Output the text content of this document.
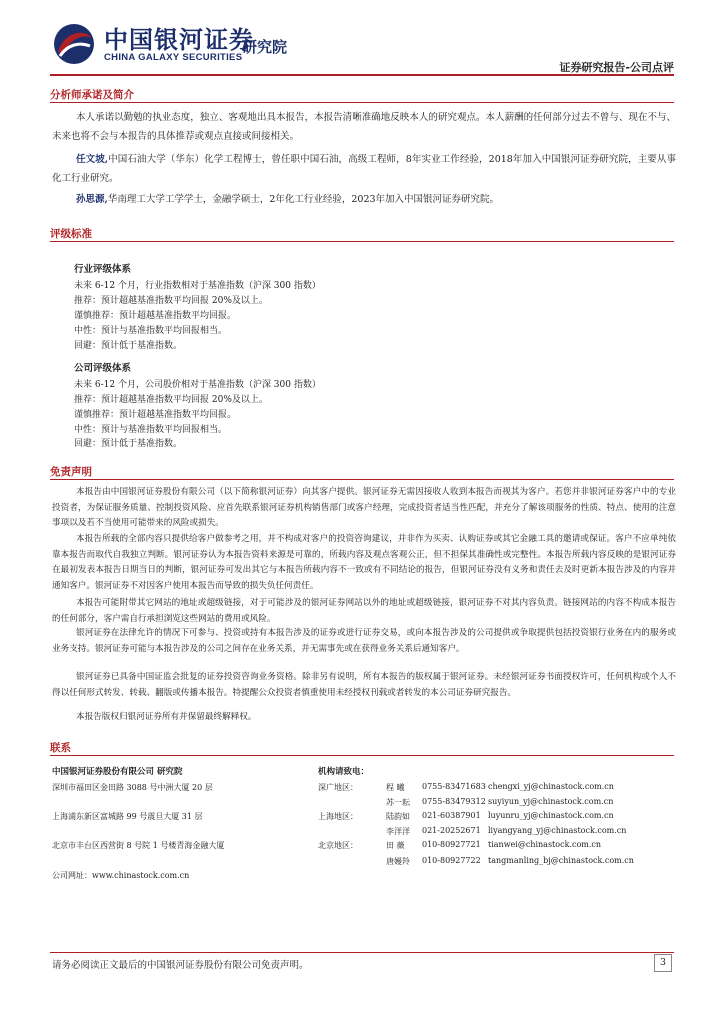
中国银河证券
CHINA GALAXY SECURITIES
研究院
证券研究报告-公司点评
分析师承诺及简介
本人承诺以勤勉的执业态度，独立、客观地出具本报告，本报告清晰准确地反映本人的研究观点。本人薪酬的任何部分过去不曾与、现在不与、未来也将不会与本报告的具体推荐或观点直接或间接相关。
任文坡,中国石油大学（华东）化学工程博士，曾任职中国石油，高级工程师，8年实业工作经验，2018年加入中国银河证券研究院，主要从事化工行业研究。
孙思源,华南理工大学工学学士，金融学硕士，2年化工行业经验，2023年加入中国银河证券研究院。
评级标准
行业评级体系
未来 6-12 个月，行业指数相对于基准指数（沪深 300 指数）
推荐：预计超越基准指数平均回报 20%及以上。
谨慎推荐：预计超越基准指数平均回报。
中性：预计与基准指数平均回报相当。
回避：预计低于基准指数。
公司评级体系
未来 6-12 个月，公司股价相对于基准指数（沪深 300 指数）
推荐：预计超越基准指数平均回报 20%及以上。
谨慎推荐：预计超越基准指数平均回报。
中性：预计与基准指数平均回报相当。
回避：预计低于基准指数。
免责声明
本报告由中国银河证券股份有限公司（以下简称银河证券）向其客户提供。银河证券无需因接收人收到本报告而视其为客户。若您并非银河证券客户中的专业投资者，为保证服务质量、控制投资风险、应首先联系银河证券机构销售部门或客户经理，完成投资者适当性匹配，并充分了解该项服务的性质、特点、使用的注意事项以及若不当使用可能带来的风险或损失。
本报告所载的全部内容只提供给客户做参考之用，并不构成对客户的投资咨询建议，并非作为买卖、认购证券或其它金融工具的邀请或保证。客户不应单纯依靠本报告而取代自我独立判断。银河证券认为本报告资料来源是可靠的，所载内容及观点客观公正，但不担保其准确性或完整性。本报告所载内容反映的是银河证券在最初发表本报告日期当日的判断，银河证券可发出其它与本报告所载内容不一致或有不同结论的报告，但银河证券没有义务和责任去及时更新本报告涉及的内容并通知客户。银河证券不对因客户使用本报告而导致的损失负任何责任。
本报告可能附带其它网站的地址或超级链接，对于可能涉及的银河证券网站以外的地址或超级链接，银河证券不对其内容负责。链接网站的内容不构成本报告的任何部分，客户需自行承担浏览这些网站的费用或风险。
银河证券在法律允许的情况下可参与、投资或持有本报告涉及的证券或进行证券交易，或向本报告涉及的公司提供或争取提供包括投资银行业务在内的服务或业务支持。银河证券可能与本报告涉及的公司之间存在业务关系，并无需事先或在获得业务关系后通知客户。
银河证券已具备中国证监会批复的证券投资咨询业务资格。除非另有说明，所有本报告的版权属于银河证券。未经银河证券书面授权许可，任何机构或个人不得以任何形式转发、转载、翻版或传播本报告。特提醒公众投资者慎重使用未经授权刊载或者转发的本公司证券研究报告。
本报告版权归银河证券所有并保留最终解释权。
联系
中国银河证券股份有限公司 研究院
深圳市福田区金田路 3088 号中洲大厦 20 层
上海浦东新区富城路 99 号震旦大厦 31 层
北京市丰台区西营街 8 号院 1 号楼青海金融大厦
公司网址：www.chinastock.com.cn
机构请致电：
深广地区：	程 曦 0755-83471683 chengxi_yj@chinastock.com.cn
苏一耘 0755-83479312 suyiyun_yj@chinastock.com.cn
上海地区：	陆韵如 021-60387901 luyunru_yj@chinastock.com.cn
李洋洋 021-20252671 liyangyang_yj@chinastock.com.cn
北京地区：	田 薇 010-80927721 tianwei@chinastock.com.cn
唐嫚羚 010-80927722 tangmanling_bj@chinastock.com.cn
请务必阅读正文最后的中国银河证券股份有限公司免责声明。	3
